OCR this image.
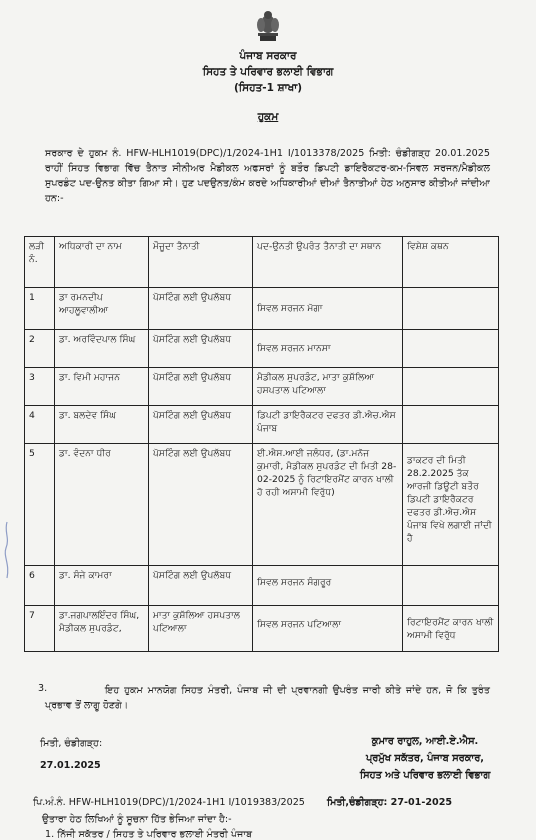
ਪੰਜਾਬ ਸਰਕਾਰ
ਸਿਹਤ ਤੇ ਪਰਿਵਾਰ ਭਲਾਈ ਵਿਭਾਗ
(ਸਿਹਤ-1 ਸ਼ਾਖਾ)
ਹੁਕਮ
ਸਰਕਾਰ ਦੇ ਹੁਕਮ ਨੰ. HFW-HLH1019(DPC)/1/2024-1H1 I/1013378/2025 ਮਿਤੀ: ਚੰਡੀਗੜ੍ਹ 20.01.2025 ਰਾਹੀਂ ਸਿਹਤ ਵਿਭਾਗ ਵਿੱਚ ਤੈਨਾਤ ਸੀਨੀਅਰ ਮੈਡੀਕਲ ਅਫਸਰਾਂ ਨੂੰ ਬਤੌਰ ਡਿਪਟੀ ਡਾਇਰੈਕਟਰ-ਕਮ-ਸਿਵਲ ਸਰਜਨ/ਮੈਡੀਕਲ ਸੁਪਰਡੰਟ ਪਦ-ਉਨਤ ਕੀਤਾ ਗਿਆ ਸੀ। ਹੁਣ ਪਦਉਨਤ/ਕੰਮ ਕਰਦੇ ਅਧਿਕਾਰੀਆਂ ਦੀਆਂ ਤੈਨਾਤੀਆਂ ਹੇਠ ਅਨੁਸਾਰ ਕੀਤੀਆਂ ਜਾਂਦੀਆ ਹਨ:-
ਲੜੀ ਨੰ.	ਅਧਿਕਾਰੀ ਦਾ ਨਾਮ	ਮੌਜੂਦਾ ਤੈਨਾਤੀ	ਪਦ-ਉਨਤੀ ਉਪਰੰਤ ਤੈਨਾਤੀ ਦਾ ਸਥਾਨ	ਵਿਸ਼ੇਸ਼ ਕਥਨ
1	ਡਾ ਰਮਨਦੀਪ ਆਹਲੂਵਾਲੀਆ	ਪੋਸਟਿੰਗ ਲਈ ਉਪਲੱਬਧ	ਸਿਵਲ ਸਰਜਨ ਮੋਗਾ	
2	ਡਾ. ਅਰਵਿੰਦਪਾਲ ਸਿੰਘ	ਪੋਸਟਿੰਗ ਲਈ ਉਪਲੱਬਧ	ਸਿਵਲ ਸਰਜਨ ਮਾਨਸਾ	
3	ਡਾ. ਵਿਮੀ ਮਹਾਜਨ	ਪੋਸਟਿੰਗ ਲਈ ਉਪਲੱਬਧ	ਮੈਡੀਕਲ ਸੁਪਰਡੰਟ, ਮਾਤਾ ਕੁਸ਼ੱਲਿਆ ਹਸਪਤਾਲ ਪਟਿਆਲਾ	
4	ਡਾ. ਬਲਦੇਵ ਸਿੰਘ	ਪੋਸਟਿੰਗ ਲਈ ਉਪਲੱਬਧ	ਡਿਪਟੀ ਡਾਇਰੈਕਟਰ ਦਫਤਰ ਡੀ.ਐਚ.ਐਸ ਪੰਜਾਬ	
5	ਡਾ. ਵੰਦਨਾ ਧੀਰ	ਪੋਸਟਿੰਗ ਲਈ ਉਪਲੱਬਧ	ਈ.ਐਸ.ਆਈ ਜਲੰਧਰ, (ਡਾ.ਮਨੋਜ ਕੁਮਾਰੀ, ਮੈਡੀਕਲ ਸੁਪਰਡੰਟ ਦੀ ਮਿਤੀ 28-02-2025 ਨੂੰ ਰਿਟਾਇਰਮੈਂਟ ਕਾਰਨ ਖਾਲੀ ਹੋ ਰਹੀ ਅਸਾਮੀ ਵਿਰੁੱਧ)	ਡਾਕਟਰ ਦੀ ਮਿਤੀ 28.2.2025 ਤੱਕ ਆਰਜੀ ਡਿਊਟੀ ਬਤੌਰ ਡਿਪਟੀ ਡਾਇਰੈਕਟਰ ਦਫਤਰ ਡੀ.ਐਚ.ਐਸ ਪੰਜਾਬ ਵਿਖੇ ਲਗਾਈ ਜਾਂਦੀ ਹੈ
6	ਡਾ. ਸੰਜੇ ਕਾਮਰਾ	ਪੋਸਟਿੰਗ ਲਈ ਉਪਲੱਬਧ	ਸਿਵਲ ਸਰਜਨ ਸੰਗਰੂਰ	
7	ਡਾ.ਜਗਪਾਲਇੰਦਰ ਸਿੰਘ, ਮੈਡੀਕਲ ਸੁਪਰਡੰਟ,	ਮਾਤਾ ਕੁਸ਼ੱਲਿਆ ਹਸਪਤਾਲ ਪਟਿਆਲਾ	ਸਿਵਲ ਸਰਜਨ ਪਟਿਆਲਾ	ਰਿਟਾਇਰਮੈਂਟ ਕਾਰਨ ਖਾਲੀ ਅਸਾਮੀ ਵਿਰੁੱਧ
3.	ਇਹ ਹੁਕਮ ਮਾਨਯੋਗ ਸਿਹਤ ਮੰਤਰੀ, ਪੰਜਾਬ ਜੀ ਦੀ ਪ੍ਰਵਾਨਗੀ ਉਪਰੰਤ ਜਾਰੀ ਕੀਤੇ ਜਾਂਦੇ ਹਨ, ਜੋ ਕਿ ਤੁਰੰਤ ਪ੍ਰਭਾਵ ਤੋਂ ਲਾਗੂ ਹੋਣਗੇ।
ਕੁਮਾਰ ਰਾਹੁਲ, ਆਈ.ਏ.ਐਸ.
ਪ੍ਰਮੁੱਖ ਸਕੱਤਰ, ਪੰਜਾਬ ਸਰਕਾਰ,
ਸਿਹਤ ਅਤੇ ਪਰਿਵਾਰ ਭਲਾਈ ਵਿਭਾਗ
ਮਿਤੀ, ਚੰਡੀਗੜ੍ਹ:
27.01.2025
ਪਿ.ਅੰ.ਨੰ. HFW-HLH1019(DPC)/1/2024-1H1 I/1019383/2025 ਮਿਤੀ,ਚੰਡੀਗੜ੍ਹ: 27-01-2025
ਉਤਾਰਾ ਹੇਠ ਲਿਖਿਆਂ ਨੂੰ ਸੂਚਨਾ ਹਿੱਤ ਭੇਜਿਆ ਜਾਂਦਾ ਹੈ:-
1. ਨਿੱਜੀ ਸਕੱਤਰ / ਸਿਹਤ ਤੇ ਪਰਿਵਾਰ ਭਲਾਈ ਮੰਤਰੀ ਪੰਜਾਬ
